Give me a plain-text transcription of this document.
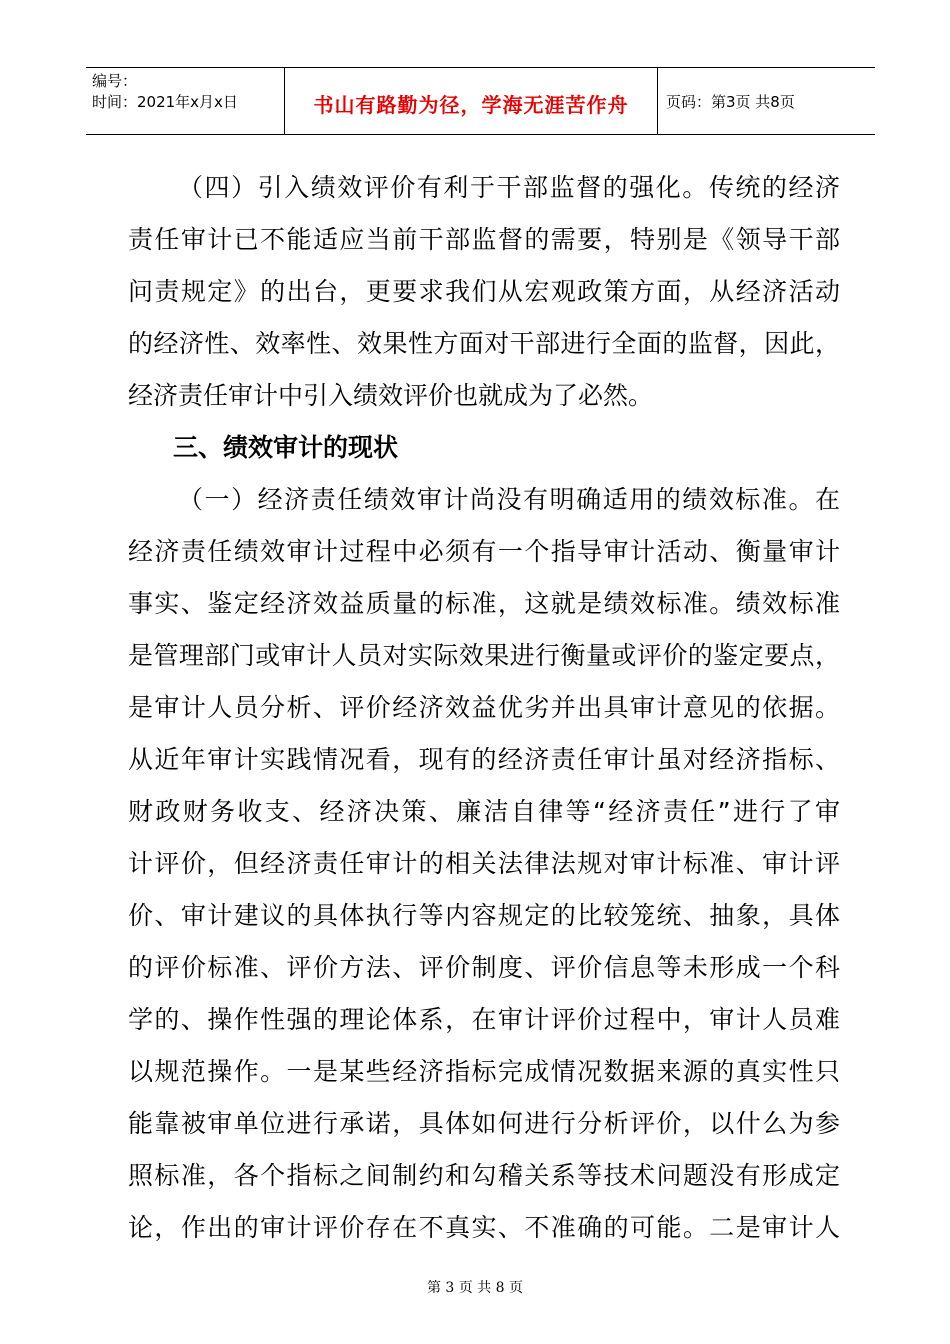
编号：
时间：2021年x月x日	书山有路勤为径，学海无涯苦作舟	页码：第3页 共8页
（四）引入绩效评价有利于干部监督的强化。传统的经济
责任审计已不能适应当前干部监督的需要，特别是《领导干部
问责规定》的出台，更要求我们从宏观政策方面，从经济活动
的经济性、效率性、效果性方面对干部进行全面的监督，因此，
经济责任审计中引入绩效评价也就成为了必然。
三、绩效审计的现状
（一）经济责任绩效审计尚没有明确适用的绩效标准。在
经济责任绩效审计过程中必须有一个指导审计活动、衡量审计
事实、鉴定经济效益质量的标准，这就是绩效标准。绩效标准
是管理部门或审计人员对实际效果进行衡量或评价的鉴定要点，
是审计人员分析、评价经济效益优劣并出具审计意见的依据。
从近年审计实践情况看，现有的经济责任审计虽对经济指标、
财政财务收支、经济决策、廉洁自律等“经济责任”进行了审
计评价，但经济责任审计的相关法律法规对审计标准、审计评
价、审计建议的具体执行等内容规定的比较笼统、抽象，具体
的评价标准、评价方法、评价制度、评价信息等未形成一个科
学的、操作性强的理论体系，在审计评价过程中，审计人员难
以规范操作。一是某些经济指标完成情况数据来源的真实性只
能靠被审单位进行承诺，具体如何进行分析评价，以什么为参
照标准，各个指标之间制约和勾稽关系等技术问题没有形成定
论，作出的审计评价存在不真实、不准确的可能。二是审计人
第 3 页 共 8 页
